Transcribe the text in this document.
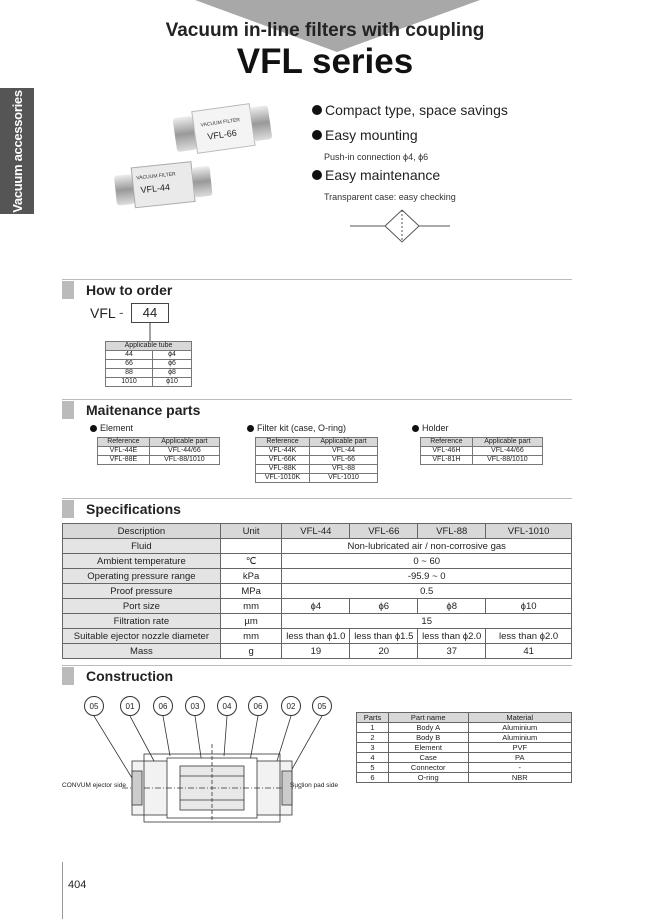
Vacuum accessories
Vacuum in-line filters with coupling
VFL series
VACUUM FILTER
VFL-66
VACUUM FILTER
VFL-44
Compact type, space savings
Easy mounting
Push-in connection ϕ4, ϕ6
Easy maintenance
Transparent case: easy checking
How to order
VFL -	44
Applicable tube	
44	ϕ4
66	ϕ6
88	ϕ8
1010	ϕ10
Maitenance parts
Element
Reference	Applicable part
VFL-44E	VFL-44/66
VFL-88E	VFL-88/1010
Filter kit (case, O-ring)
Reference	Applicable part
VFL-44K	VFL-44
VFL-66K	VFL-66
VFL-88K	VFL-88
VFL-1010K	VFL-1010
Holder
Reference	Applicable part
VFL-46H	VFL-44/66
VFL-81H	VFL-88/1010
Specifications
Description	Unit	VFL-44	VFL-66	VFL-88	VFL-1010
Fluid		Non-lubricated air / non-corrosive gas			
Ambient temperature	℃	0 ~ 60			
Operating pressure range	kPa	-95.9 ~ 0			
Proof pressure	MPa	0.5			
Port size	mm	ϕ4	ϕ6	ϕ8	ϕ10
Filtration rate	µm	15			
Suitable ejector nozzle diameter	mm	less than ϕ1.0	less than ϕ1.5	less than ϕ2.0	less than ϕ2.0
Mass	g	19	20	37	41
Construction
05	01	06	03	04	06	02	05
CONVUM ejector side	Suction pad side
Parts	Part name	Material
1	Body A	Aluminium
2	Body B	Aluminium
3	Element	PVF
4	Case	PA
5	Connector	-
6	O-ring	NBR
404
